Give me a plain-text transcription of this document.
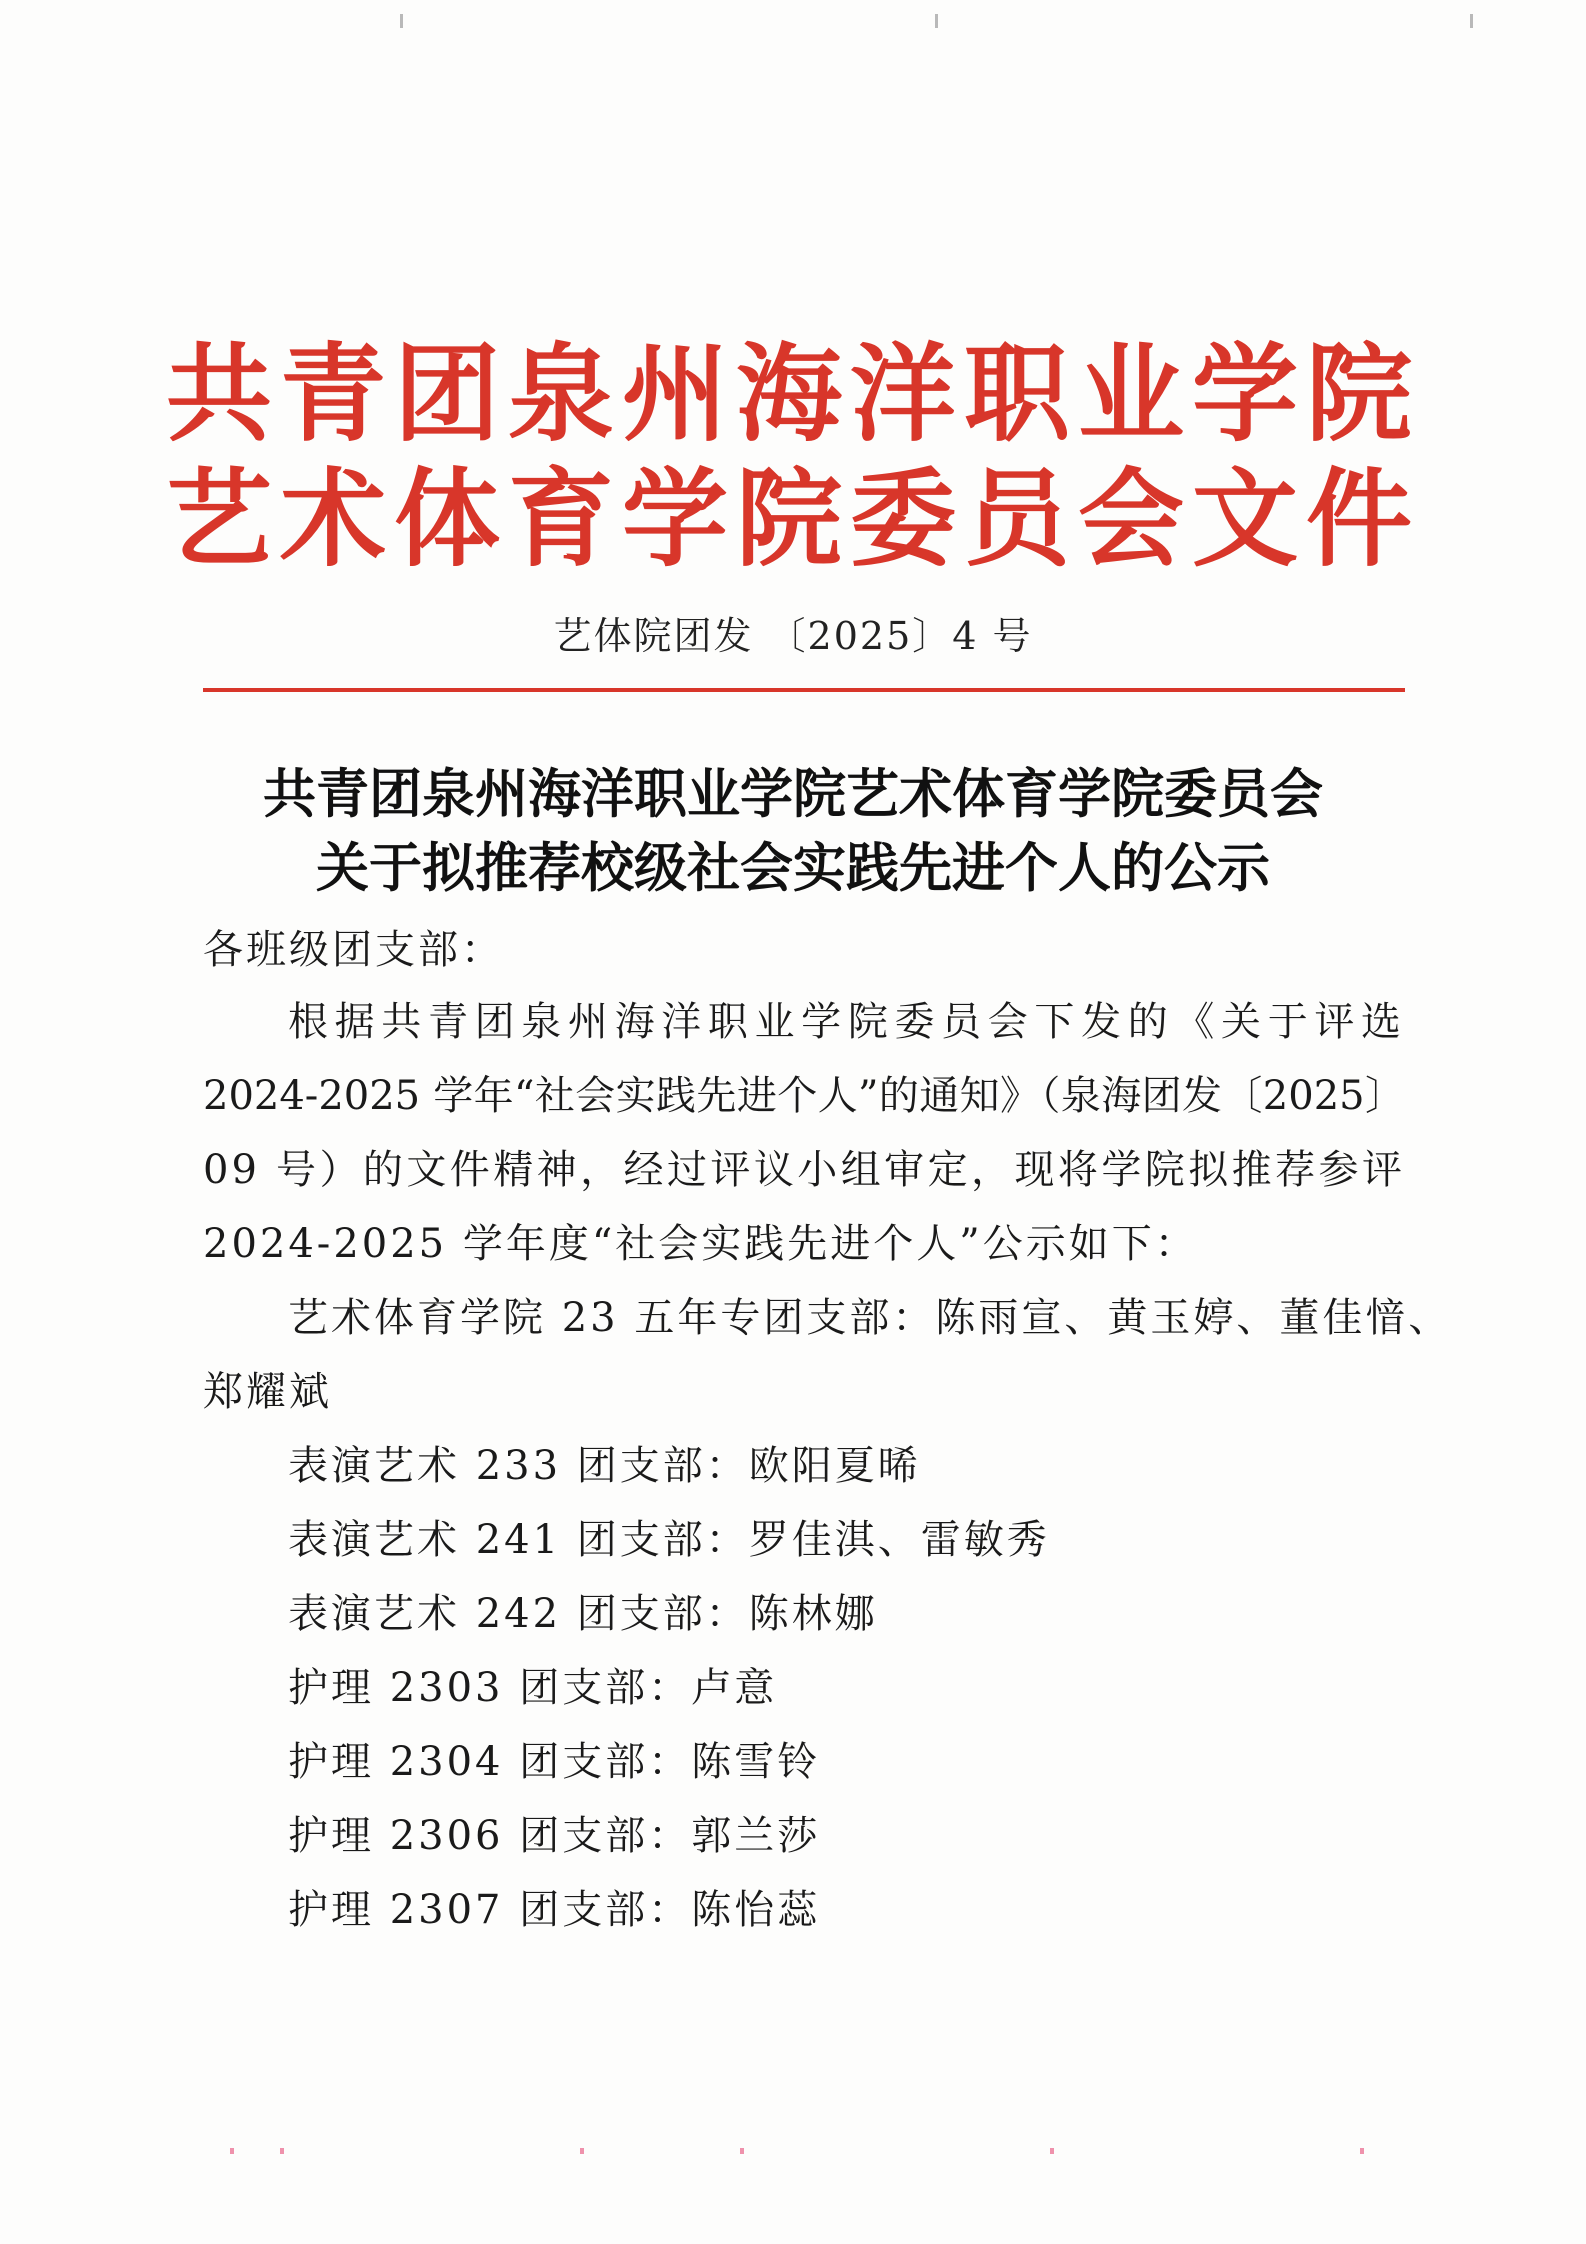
共青团泉州海洋职业学院
艺术体育学院委员会文件
艺体院团发 〔2025〕4 号
共青团泉州海洋职业学院艺术体育学院委员会
关于拟推荐校级社会实践先进个人的公示
各班级团支部：
根据共青团泉州海洋职业学院委员会下发的《关于评选
2024-2025 学年“社会实践先进个人”的通知》（泉海团发〔2025〕
09 号）的文件精神，经过评议小组审定，现将学院拟推荐参评
2024-2025 学年度“社会实践先进个人”公示如下：
艺术体育学院 23 五年专团支部：陈雨宣、黄玉婷、董佳愔、
郑耀斌
表演艺术 233 团支部：欧阳夏晞
表演艺术 241 团支部：罗佳淇、雷敏秀
表演艺术 242 团支部：陈林娜
护理 2303 团支部：卢意
护理 2304 团支部：陈雪铃
护理 2306 团支部：郭兰莎
护理 2307 团支部：陈怡蕊
